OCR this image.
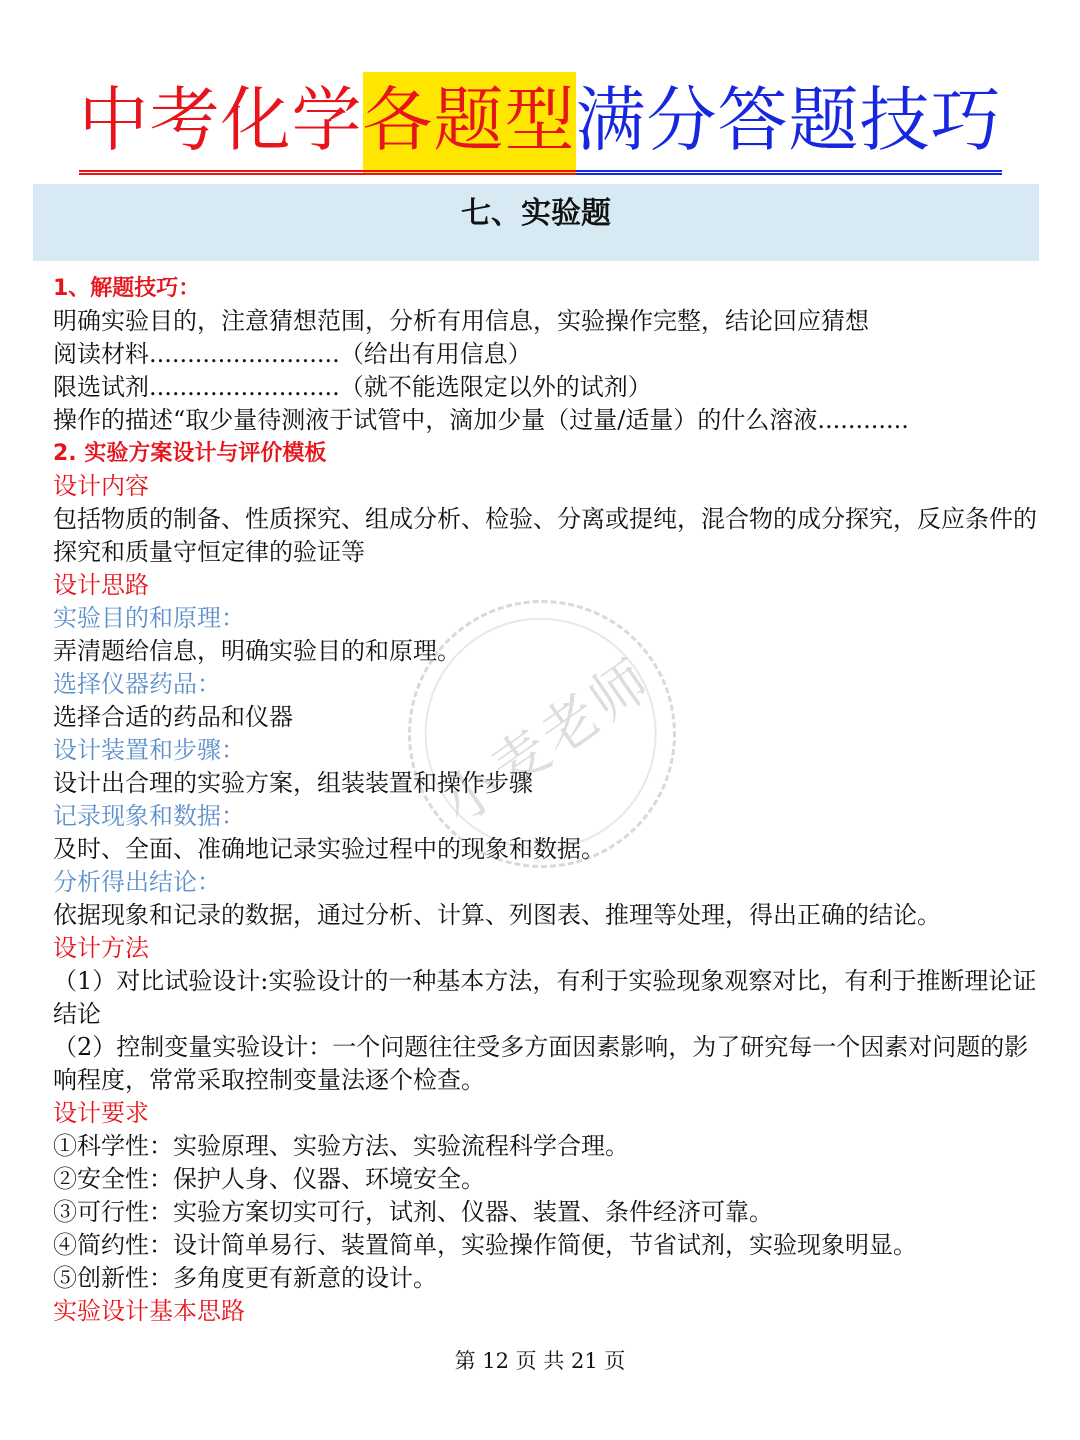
中考化学各题型满分答题技巧
七、实验题
小麦老师
1、解题技巧：
明确实验目的，注意猜想范围，分析有用信息，实验操作完整，结论回应猜想
阅读材料.........................（给出有用信息）
限选试剂.........................（就不能选限定以外的试剂）
操作的描述“取少量待测液于试管中，滴加少量（过量/适量）的什么溶液............
2. 实验方案设计与评价模板
设计内容
包括物质的制备、性质探究、组成分析、检验、分离或提纯，混合物的成分探究，反应条件的探究和质量守恒定律的验证等
设计思路
实验目的和原理：
弄清题给信息，明确实验目的和原理。
选择仪器药品：
选择合适的药品和仪器
设计装置和步骤：
设计出合理的实验方案，组装装置和操作步骤
记录现象和数据：
及时、全面、准确地记录实验过程中的现象和数据。
分析得出结论：
依据现象和记录的数据，通过分析、计算、列图表、推理等处理，得出正确的结论。
设计方法
（1）对比试验设计:实验设计的一种基本方法，有利于实验现象观察对比，有利于推断理论证结论
（2）控制变量实验设计：一个问题往往受多方面因素影响，为了研究每一个因素对问题的影响程度，常常采取控制变量法逐个检查。
设计要求
①科学性：实验原理、实验方法、实验流程科学合理。
②安全性：保护人身、仪器、环境安全。
③可行性：实验方案切实可行，试剂、仪器、装置、条件经济可靠。
④简约性：设计简单易行、装置简单，实验操作简便，节省试剂，实验现象明显。
⑤创新性：多角度更有新意的设计。
实验设计基本思路
第 12 页 共 21 页
